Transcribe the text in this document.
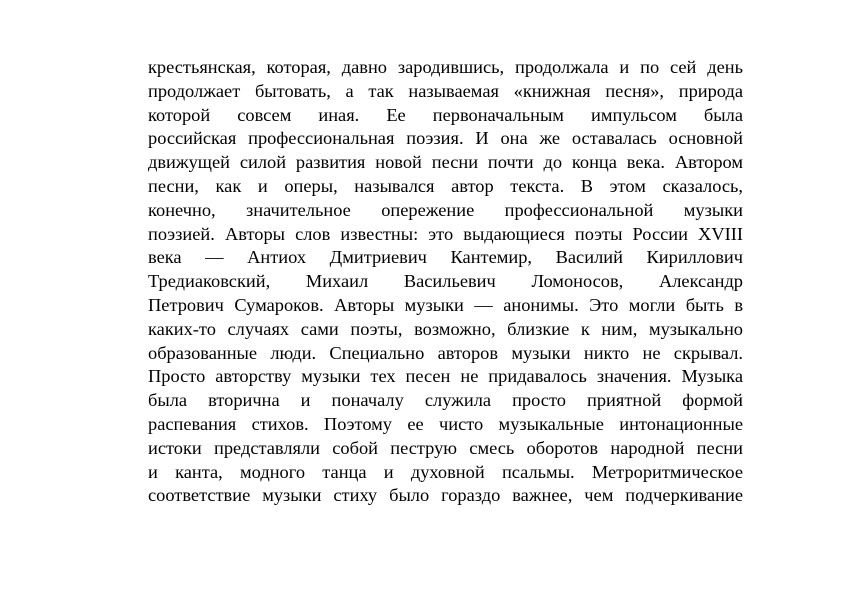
крестьянская, которая, давно зародившись, продолжала и по сей день
продолжает бытовать, а так называемая «книжная песня», природа
которой совсем иная. Ее первоначальным импульсом была
российская профессиональная поэзия. И она же оставалась основной
движущей силой развития новой песни почти до конца века. Автором
песни, как и оперы, назывался автор текста. В этом сказалось,
конечно, значительное опережение профессиональной музыки
поэзией. Авторы слов известны: это выдающиеся поэты России XVIII
века — Антиох Дмитриевич Кантемир, Василий Кириллович
Тредиаковский, Михаил Васильевич Ломоносов, Александр
Петрович Сумароков. Авторы музыки — анонимы. Это могли быть в
каких-то случаях сами поэты, возможно, близкие к ним, музыкально
образованные люди. Специально авторов музыки никто не скрывал.
Просто авторству музыки тех песен не придавалось значения. Музыка
была вторична и поначалу служила просто приятной формой
распевания стихов. Поэтому ее чисто музыкальные интонационные
истоки представляли собой пеструю смесь оборотов народной песни
и канта, модного танца и духовной псальмы. Метроритмическое
соответствие музыки стиху было гораздо важнее, чем подчеркивание
